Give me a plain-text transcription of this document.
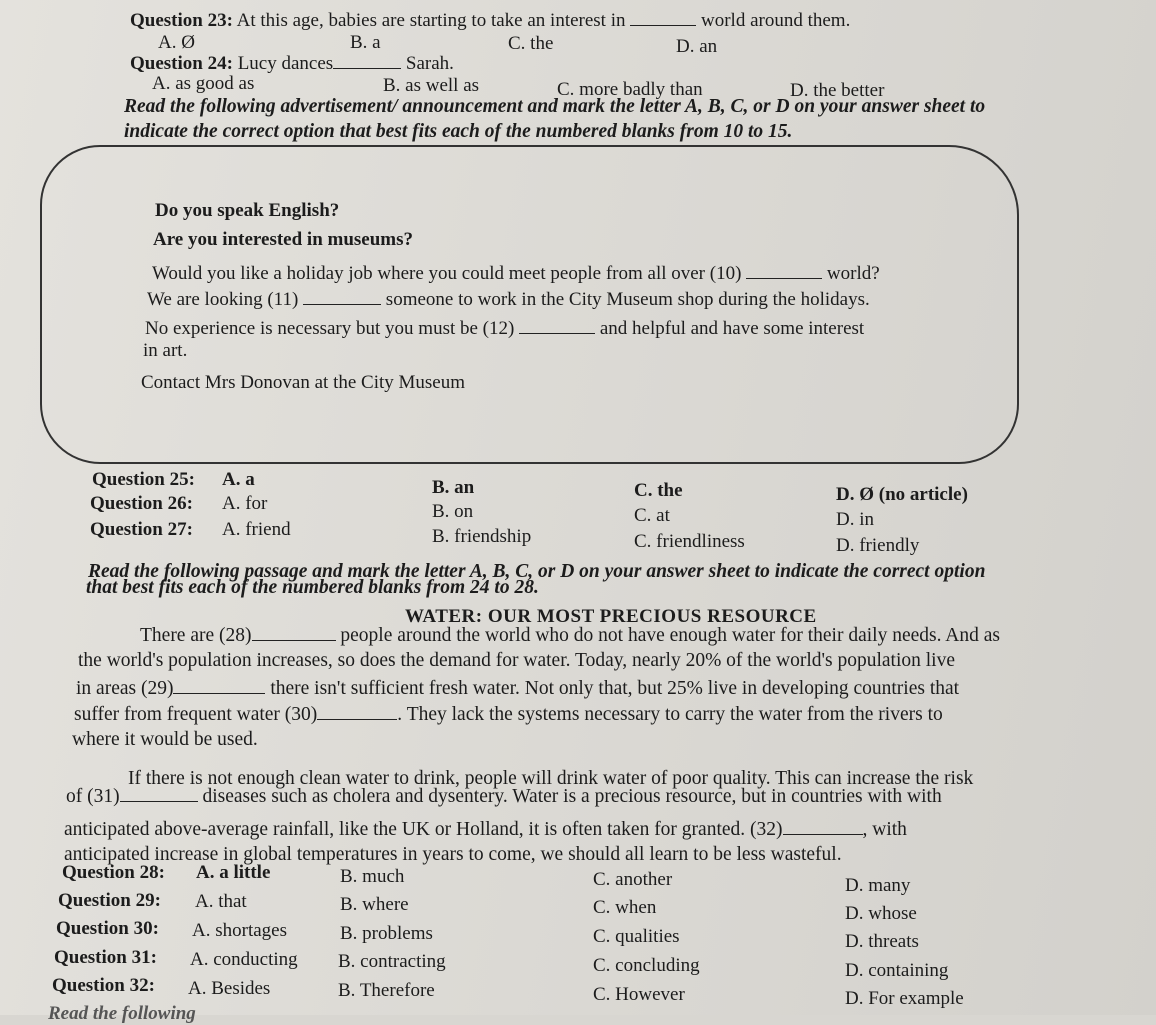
Question 23: At this age, babies are starting to take an interest in	world around them.
A. Ø	B. a	C. the	D. an
Question 24: Lucy dances	Sarah.
A. as good as	B. as well as	C. more badly than	D. the better
Read the following advertisement/ announcement and mark the letter A, B, C, or D on your answer sheet to
indicate the correct option that best fits each of the numbered blanks from 10 to 15.
Do you speak English?
Are you interested in museums?
Would you like a holiday job where you could meet people from all over (10)	world?
We are looking (11)	someone to work in the City Museum shop during the holidays.
No experience is necessary but you must be (12)	and helpful and have some interest
in art.
Contact Mrs Donovan at the City Museum
Question 25: A. a	B. an	C. the	D. Ø (no article)
Question 26: A. for	B. on	C. at	D. in
Question 27: A. friend	B. friendship	C. friendliness	D. friendly
Read the following passage and mark the letter A, B, C, or D on your answer sheet to indicate the correct option
that best fits each of the numbered blanks from 24 to 28.
WATER: OUR MOST PRECIOUS RESOURCE
There are (28)	people around the world who do not have enough water for their daily needs. And as
the world's population increases, so does the demand for water. Today, nearly 20% of the world's population live
in areas (29)	there isn't sufficient fresh water. Not only that, but 25% live in developing countries that
suffer from frequent water (30)	. They lack the systems necessary to carry the water from the rivers to
where it would be used.
If there is not enough clean water to drink, people will drink water of poor quality. This can increase the risk
of (31)	diseases such as cholera and dysentery. Water is a precious resource, but in countries with with
anticipated above-average rainfall, like the UK or Holland, it is often taken for granted. (32)	, with
anticipated increase in global temperatures in years to come, we should all learn to be less wasteful.
Question 28: A. a little	B. much	C. another	D. many
Question 29: A. that	B. where	C. when	D. whose
Question 30: A. shortages	B. problems	C. qualities	D. threats
Question 31: A. conducting B. contracting	C. concluding	D. containing
Question 32: A. Besides	B. Therefore	C. However	D. For example
Read the following
